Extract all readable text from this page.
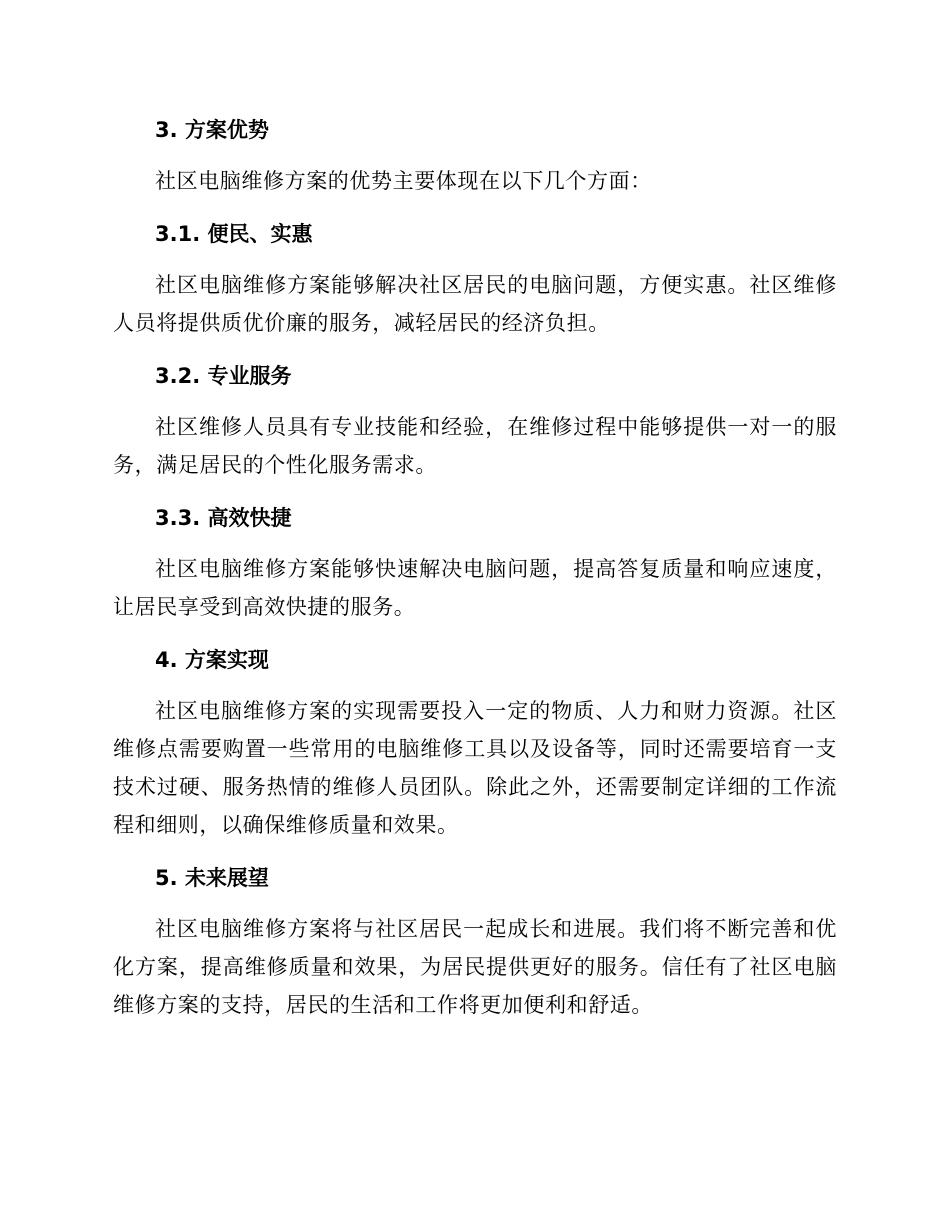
3. 方案优势

社区电脑维修方案的优势主要体现在以下几个方面：

3.1. 便民、实惠

社区电脑维修方案能够解决社区居民的电脑问题，方便实惠。社区维修人员将提供质优价廉的服务，减轻居民的经济负担。

3.2. 专业服务

社区维修人员具有专业技能和经验，在维修过程中能够提供一对一的服务，满足居民的个性化服务需求。

3.3. 高效快捷

社区电脑维修方案能够快速解决电脑问题，提高答复质量和响应速度，让居民享受到高效快捷的服务。

4. 方案实现

社区电脑维修方案的实现需要投入一定的物质、人力和财力资源。社区维修点需要购置一些常用的电脑维修工具以及设备等，同时还需要培育一支技术过硬、服务热情的维修人员团队。除此之外，还需要制定详细的工作流程和细则，以确保维修质量和效果。

5. 未来展望

社区电脑维修方案将与社区居民一起成长和进展。我们将不断完善和优化方案，提高维修质量和效果，为居民提供更好的服务。信任有了社区电脑维修方案的支持，居民的生活和工作将更加便利和舒适。
